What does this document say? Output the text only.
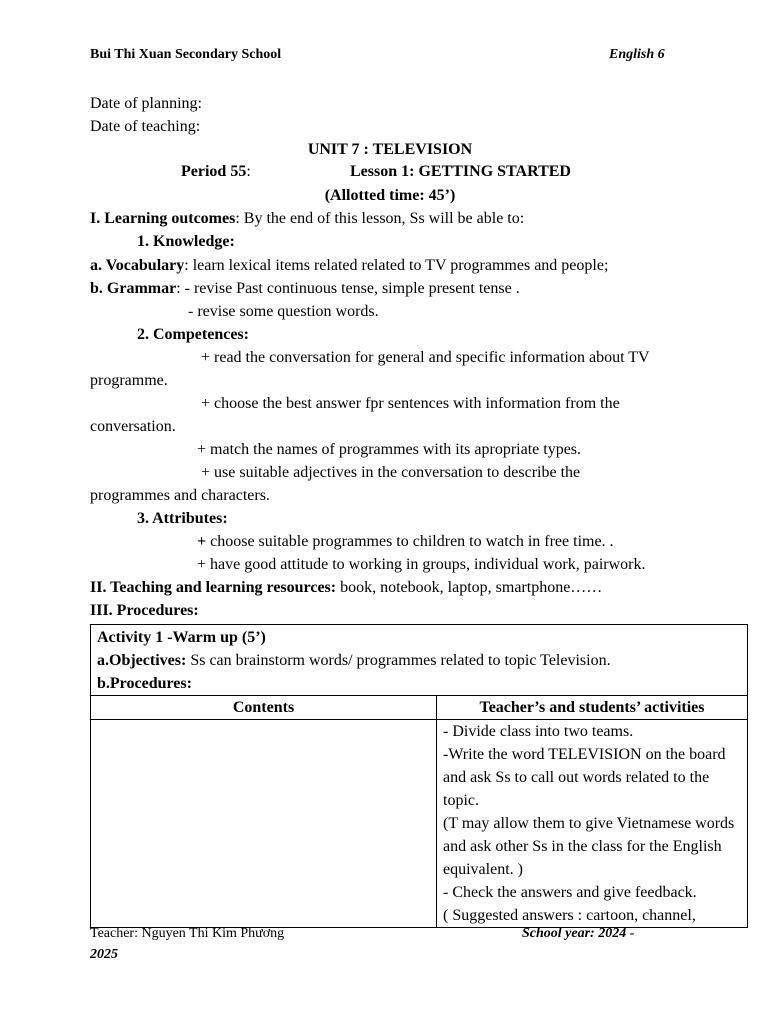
Bui Thi Xuan Secondary School	English 6
Date of planning:
Date of teaching:
UNIT 7 : TELEVISION
Period 55:	Lesson 1: GETTING STARTED
(Allotted time: 45’)
I. Learning outcomes: By the end of this lesson, Ss will be able to:
1. Knowledge:
a. Vocabulary: learn lexical items related related to TV programmes and people;
b. Grammar: - revise Past continuous tense, simple present tense .
- revise some question words.
2. Competences:
+ read the conversation for general and specific information about TV
programme.
+ choose the best answer fpr sentences with information from the
conversation.
+ match the names of programmes with its apropriate types.
+ use suitable adjectives in the conversation to describe the
programmes and characters.
3. Attributes:
+ choose suitable programmes to children to watch in free time. .
+ have good attitude to working in groups, individual work, pairwork.
II. Teaching and learning resources: book, notebook, laptop, smartphone……
III. Procedures:
Activity 1 -Warm up (5’)
a.Objectives: Ss can brainstorm words/ programmes related to topic Television.
b.Procedures:	

Contents	Teacher’s and students’ activities

	- Divide class into two teams.
-Write the word TELEVISION on the board and ask Ss to call out words related to the topic.
(T may allow them to give Vietnamese words and ask other Ss in the class for the English equivalent. )
- Check the answers and give feedback.
( Suggested answers : cartoon, channel,
Teacher: Nguyen Thi Kim Phương	School year: 2024 -
2025
